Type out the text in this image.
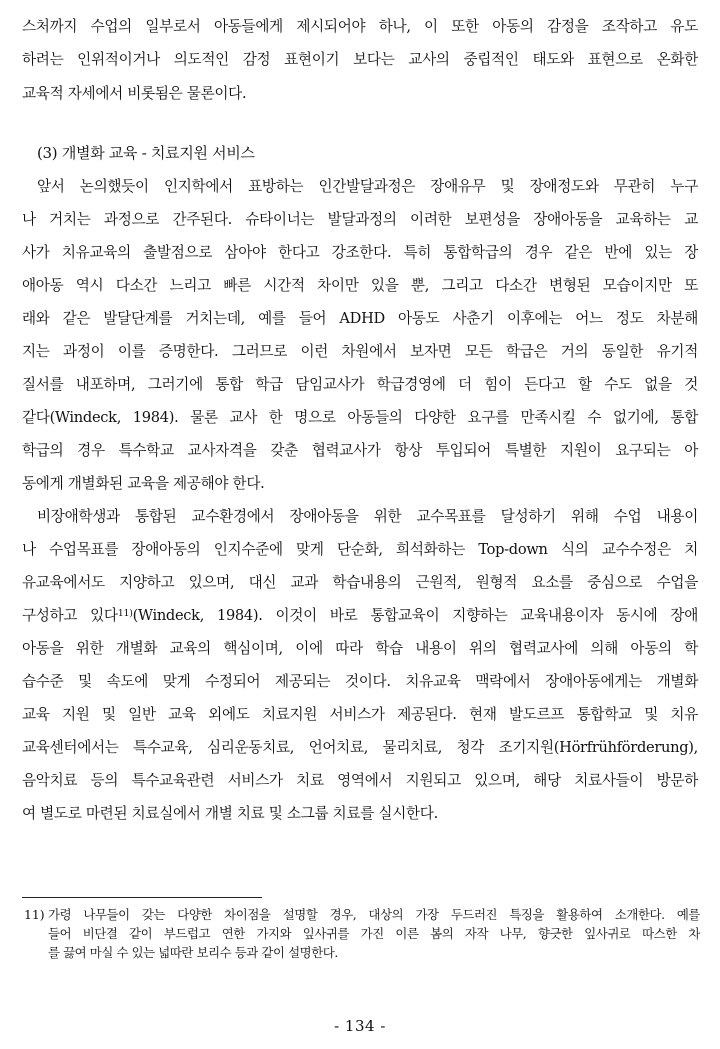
스처까지 수업의 일부로서 아동들에게 제시되어야 하나, 이 또한 아동의 감정을 조작하고 유도
하려는 인위적이거나 의도적인 감정 표현이기 보다는 교사의 중립적인 태도와 표현으로 온화한
교육적 자세에서 비롯됨은 물론이다.
(3) 개별화 교육 - 치료지원 서비스
앞서 논의했듯이 인지학에서 표방하는 인간발달과정은 장애유무 및 장애정도와 무관히 누구
나 거치는 과정으로 간주된다. 슈타이너는 발달과정의 이려한 보편성을 장애아동을 교육하는 교
사가 치유교육의 출발점으로 삼아야 한다고 강조한다. 특히 통합학급의 경우 같은 반에 있는 장
애아동 역시 다소간 느리고 빠른 시간적 차이만 있을 뿐, 그리고 다소간 변형된 모습이지만 또
래와 같은 발달단계를 거치는데, 예를 들어 ADHD 아동도 사춘기 이후에는 어느 정도 차분해
지는 과정이 이를 증명한다. 그러므로 이런 차원에서 보자면 모든 학급은 거의 동일한 유기적
질서를 내포하며, 그러기에 통합 학급 담임교사가 학급경영에 더 힘이 든다고 할 수도 없을 것
같다(Windeck, 1984). 물론 교사 한 명으로 아동들의 다양한 요구를 만족시킬 수 없기에, 통합
학급의 경우 특수학교 교사자격을 갖춘 협력교사가 항상 투입되어 특별한 지원이 요구되는 아
동에게 개별화된 교육을 제공해야 한다.
비장애학생과 통합된 교수환경에서 장애아동을 위한 교수목표를 달성하기 위해 수업 내용이
나 수업목표를 장애아동의 인지수준에 맞게 단순화, 희석화하는 Top-down 식의 교수수정은 치
유교육에서도 지양하고 있으며, 대신 교과 학습내용의 근원적, 원형적 요소를 중심으로 수업을
구성하고 있다$^{11)}$(Windeck, 1984). 이것이 바로 통합교육이 지향하는 교육내용이자 동시에 장애
아동을 위한 개별화 교육의 핵심이며, 이에 따라 학습 내용이 위의 협력교사에 의해 아동의 학
습수준 및 속도에 맞게 수정되어 제공되는 것이다. 치유교육 맥락에서 장애아동에게는 개별화
교육 지원 및 일반 교육 외에도 치료지원 서비스가 제공된다. 현재 발도르프 통합학교 및 치유
교육센터에서는 특수교육, 심리운동치료, 언어치료, 물리치료, 청각 조기지원(Hörfrühförderung),
음악치료 등의 특수교육관련 서비스가 치료 영역에서 지원되고 있으며, 해당 치료사들이 방문하
여 별도로 마련된 치료실에서 개별 치료 및 소그룹 치료를 실시한다.
11) 가령 나무들이 갖는 다양한 차이점을 설명할 경우, 대상의 가장 두드러진 특징을 활용하여 소개한다. 예를
들어 비단결 같이 부드럽고 연한 가지와 잎사귀를 가진 이른 봄의 자작 나무, 향긋한 잎사귀로 따스한 차
를 끓여 마실 수 있는 넓따란 보리수 등과 같이 설명한다.
- 134 -
